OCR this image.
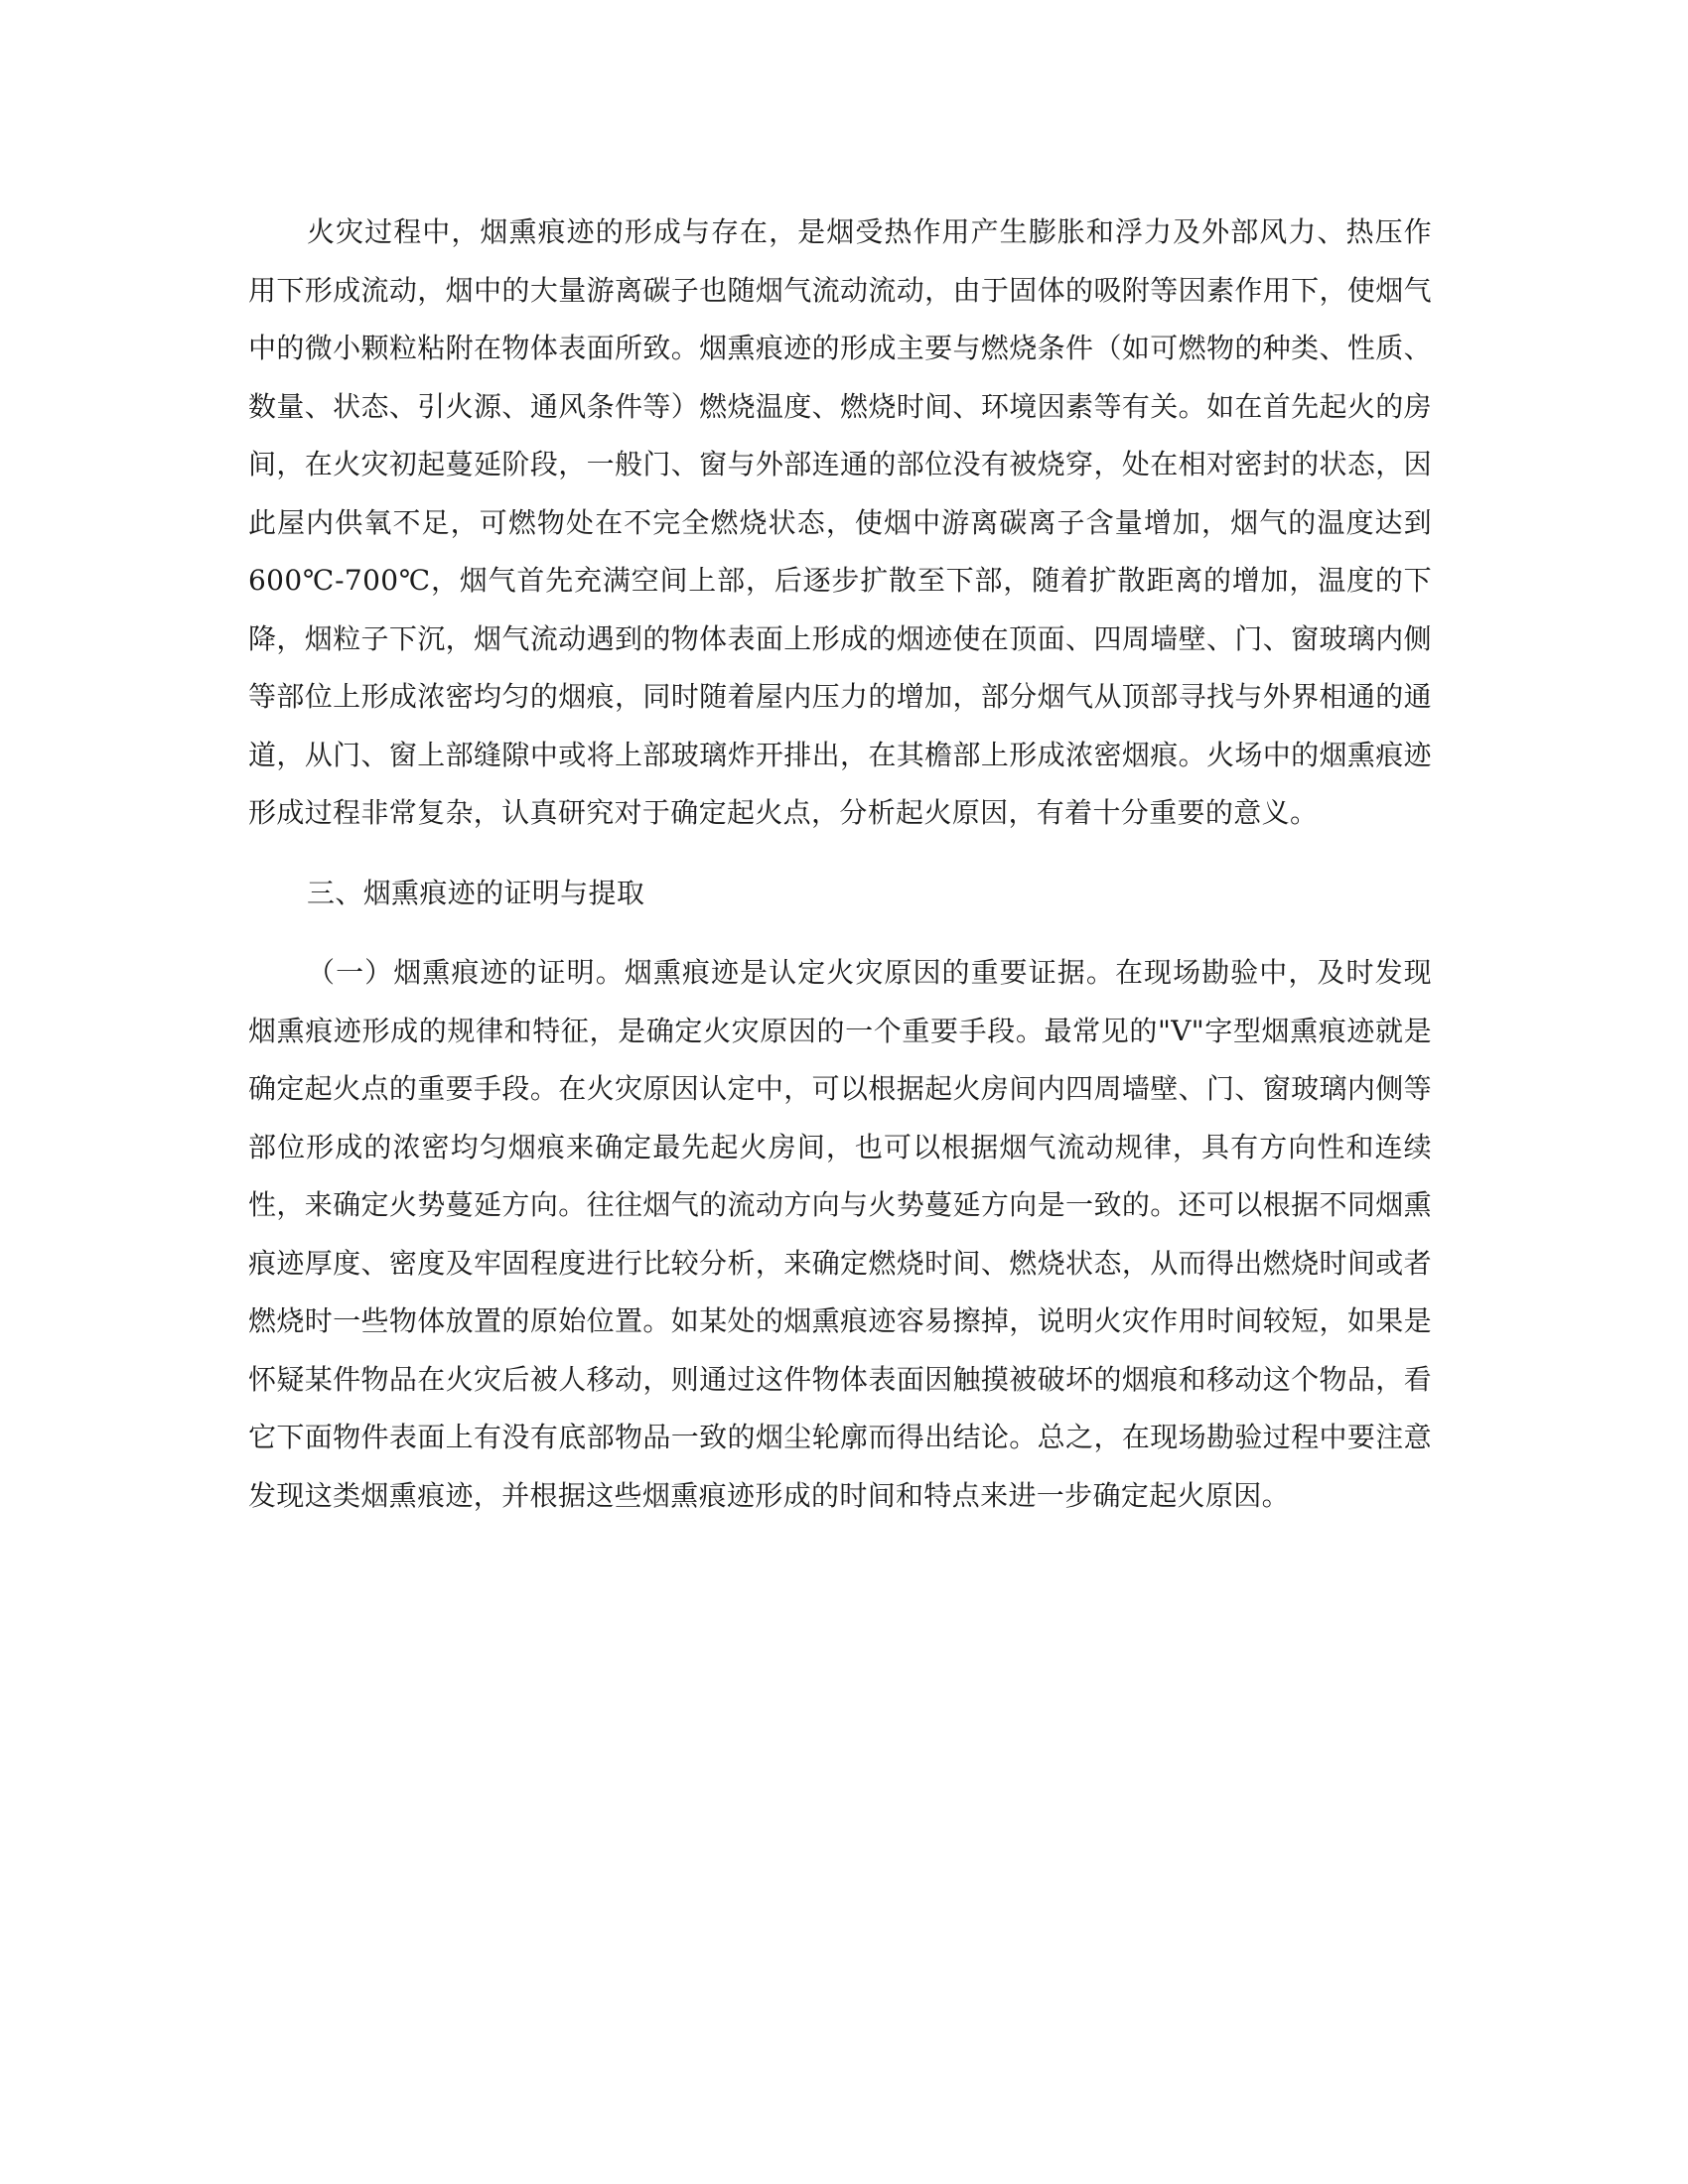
火灾过程中，烟熏痕迹的形成与存在，是烟受热作用产生膨胀和浮力及外部风力、热压作用下形成流动，烟中的大量游离碳子也随烟气流动流动，由于固体的吸附等因素作用下，使烟气中的微小颗粒粘附在物体表面所致。烟熏痕迹的形成主要与燃烧条件（如可燃物的种类、性质、数量、状态、引火源、通风条件等）燃烧温度、燃烧时间、环境因素等有关。如在首先起火的房间，在火灾初起蔓延阶段，一般门、窗与外部连通的部位没有被烧穿，处在相对密封的状态，因此屋内供氧不足，可燃物处在不完全燃烧状态，使烟中游离碳离子含量增加，烟气的温度达到600℃-700℃，烟气首先充满空间上部，后逐步扩散至下部，随着扩散距离的增加，温度的下降，烟粒子下沉，烟气流动遇到的物体表面上形成的烟迹使在顶面、四周墙壁、门、窗玻璃内侧等部位上形成浓密均匀的烟痕，同时随着屋内压力的增加，部分烟气从顶部寻找与外界相通的通道，从门、窗上部缝隙中或将上部玻璃炸开排出，在其檐部上形成浓密烟痕。火场中的烟熏痕迹形成过程非常复杂，认真研究对于确定起火点，分析起火原因，有着十分重要的意义。

三、烟熏痕迹的证明与提取

（一）烟熏痕迹的证明。烟熏痕迹是认定火灾原因的重要证据。在现场勘验中，及时发现烟熏痕迹形成的规律和特征，是确定火灾原因的一个重要手段。最常见的"V"字型烟熏痕迹就是确定起火点的重要手段。在火灾原因认定中，可以根据起火房间内四周墙壁、门、窗玻璃内侧等部位形成的浓密均匀烟痕来确定最先起火房间，也可以根据烟气流动规律，具有方向性和连续性，来确定火势蔓延方向。往往烟气的流动方向与火势蔓延方向是一致的。还可以根据不同烟熏痕迹厚度、密度及牢固程度进行比较分析，来确定燃烧时间、燃烧状态，从而得出燃烧时间或者燃烧时一些物体放置的原始位置。如某处的烟熏痕迹容易擦掉，说明火灾作用时间较短，如果是怀疑某件物品在火灾后被人移动，则通过这件物体表面因触摸被破坏的烟痕和移动这个物品，看它下面物件表面上有没有底部物品一致的烟尘轮廓而得出结论。总之，在现场勘验过程中要注意发现这类烟熏痕迹，并根据这些烟熏痕迹形成的时间和特点来进一步确定起火原因。
